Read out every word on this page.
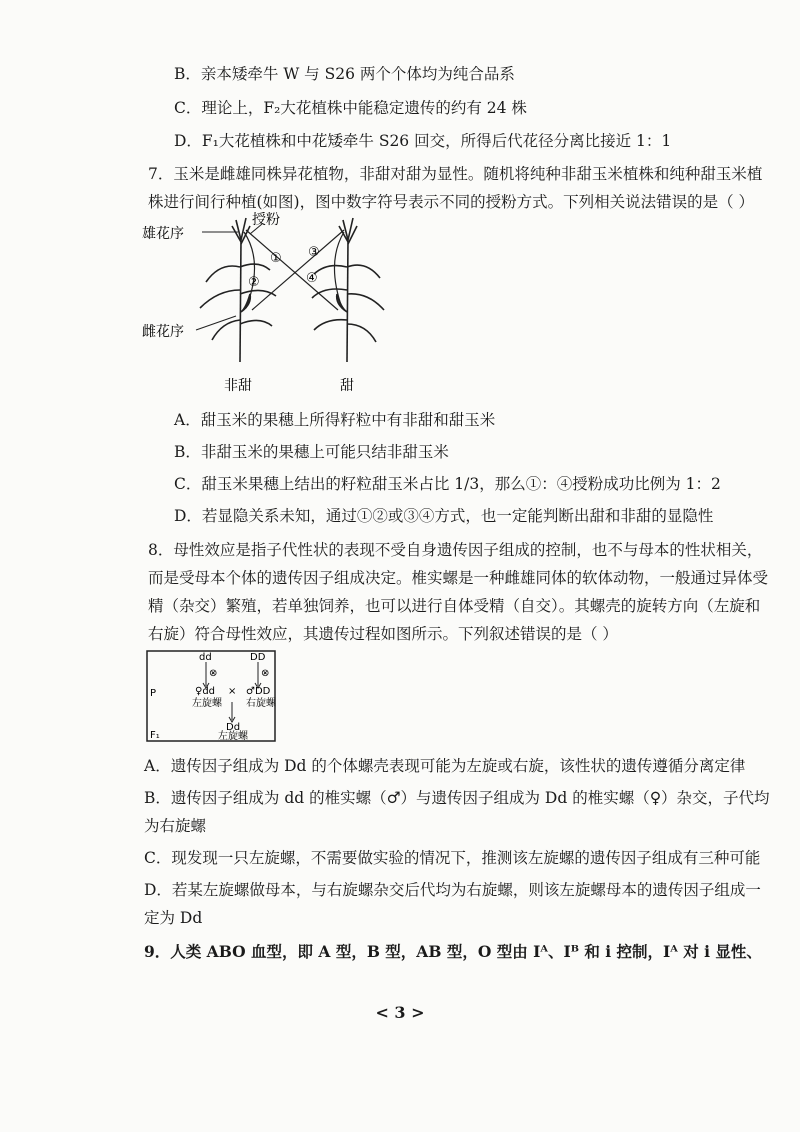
B．亲本矮牵牛 W 与 S26 两个个体均为纯合品系
C．理论上，F₂大花植株中能稳定遗传的约有 24 株
D．F₁大花植株和中花矮牵牛 S26 回交，所得后代花径分离比接近 1：1
7．玉米是雌雄同株异花植物，非甜对甜为显性。随机将纯种非甜玉米植株和纯种甜玉米植
株进行间行种植(如图)，图中数字符号表示不同的授粉方式。下列相关说法错误的是（ ）
雄花序
雌花序
授粉
①
②
③
④
非甜	甜
A．甜玉米的果穗上所得籽粒中有非甜和甜玉米
B．非甜玉米的果穗上可能只结非甜玉米
C．甜玉米果穗上结出的籽粒甜玉米占比 1/3，那么①：④授粉成功比例为 1：2
D．若显隐关系未知，通过①②或③④方式，也一定能判断出甜和非甜的显隐性
8．母性效应是指子代性状的表现不受自身遗传因子组成的控制，也不与母本的性状相关，
而是受母本个体的遗传因子组成决定。椎实螺是一种雌雄同体的软体动物，一般通过异体受
精（杂交）繁殖，若单独饲养，也可以进行自体受精（自交）。其螺壳的旋转方向（左旋和
右旋）符合母性效应，其遗传过程如图所示。下列叙述错误的是（ ）
dd	DD
⊗	⊗
P	♀dd × ♂DD
左旋螺 右旋螺
Dd
F₁	左旋螺
A．遗传因子组成为 Dd 的个体螺壳表现可能为左旋或右旋，该性状的遗传遵循分离定律
B．遗传因子组成为 dd 的椎实螺（♂）与遗传因子组成为 Dd 的椎实螺（♀）杂交，子代均
为右旋螺
C．现发现一只左旋螺，不需要做实验的情况下，推测该左旋螺的遗传因子组成有三种可能
D．若某左旋螺做母本，与右旋螺杂交后代均为右旋螺，则该左旋螺母本的遗传因子组成一
定为 Dd
9．人类 ABO 血型，即 A 型，B 型，AB 型，O 型由 Iᴬ、Iᴮ 和 i 控制，Iᴬ 对 i 显性、
< 3 >
